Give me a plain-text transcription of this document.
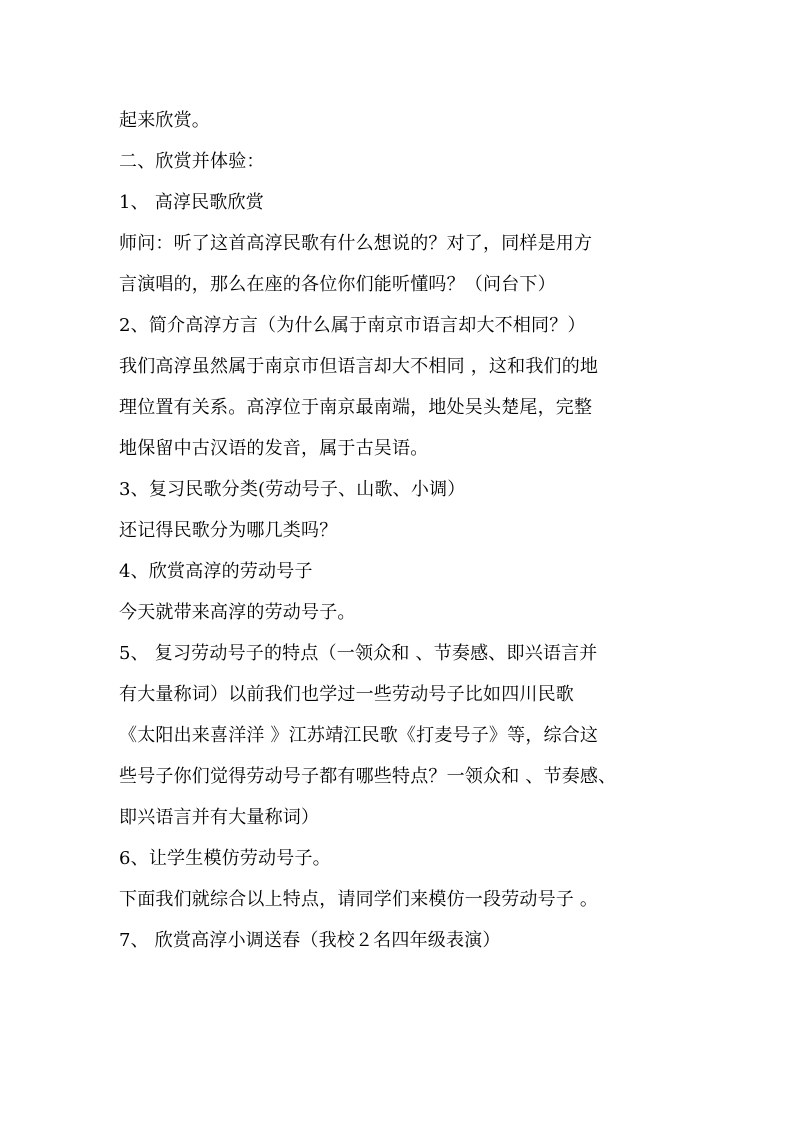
起来欣赏。
二、欣赏并体验：
1、 高淳民歌欣赏
师问：听了这首高淳民歌有什么想说的？对了，同样是用方
言演唱的，那么在座的各位你们能听懂吗？（问台下）
2、简介高淳方言（为什么属于南京市语言却大不相同？）
我们高淳虽然属于南京市但语言却大不相同 ，这和我们的地
理位置有关系。高淳位于南京最南端，地处吴头楚尾，完整
地保留中古汉语的发音，属于古吴语。
3、复习民歌分类(劳动号子、山歌、小调）
还记得民歌分为哪几类吗？
4、欣赏高淳的劳动号子
今天就带来高淳的劳动号子。
5、 复习劳动号子的特点（一领众和 、节奏感、即兴语言并
有大量称词）以前我们也学过一些劳动号子比如四川民歌
《太阳出来喜洋洋 》江苏靖江民歌《打麦号子》等，综合这
些号子你们觉得劳动号子都有哪些特点？一领众和 、节奏感、
即兴语言并有大量称词）
6、让学生模仿劳动号子。
下面我们就综合以上特点，请同学们来模仿一段劳动号子 。
7、 欣赏高淳小调送春（我校２名四年级表演）
